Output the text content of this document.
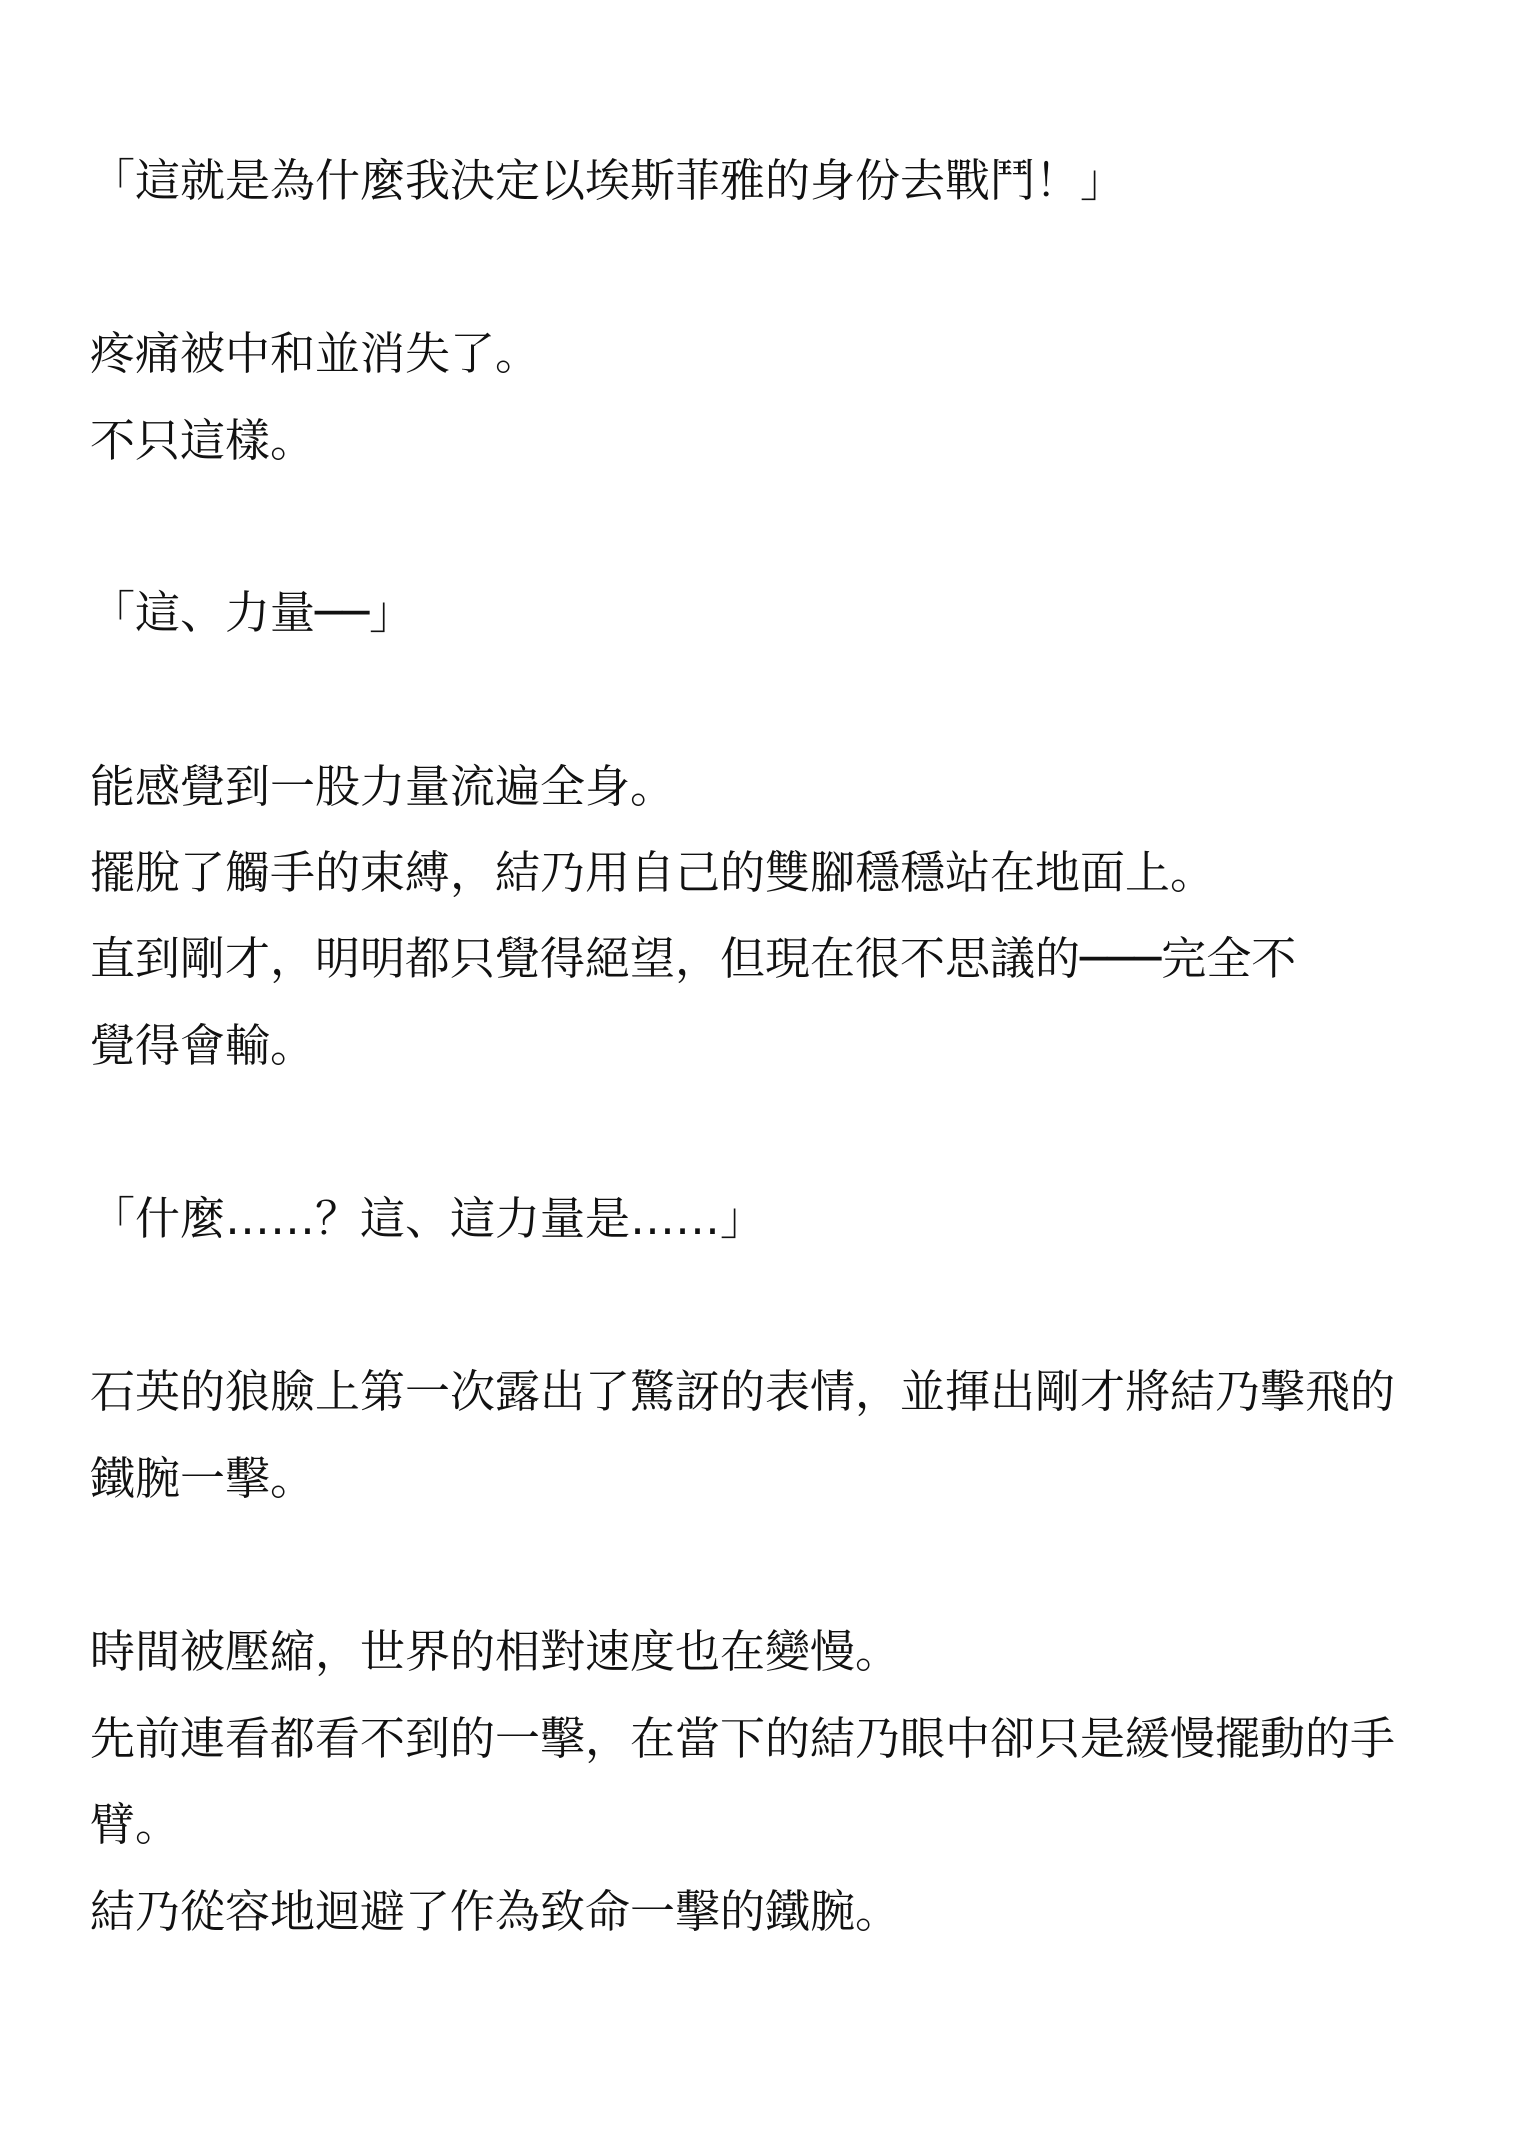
「這就是為什麼我決定以埃斯菲雅的身份去戰鬥！」

疼痛被中和並消失了。

不只這樣。

「這、力量──」

能感覺到一股力量流遍全身。

擺脫了觸手的束縛，結乃用自己的雙腳穩穩站在地面上。

直到剛才，明明都只覺得絕望，但現在很不思議的───完全不

覺得會輸。

「什麼……？這、這力量是……」

石英的狼臉上第一次露出了驚訝的表情，並揮出剛才將結乃擊飛的

鐵腕一擊。

時間被壓縮，世界的相對速度也在變慢。

先前連看都看不到的一擊，在當下的結乃眼中卻只是緩慢擺動的手

臂。

結乃從容地迴避了作為致命一擊的鐵腕。
